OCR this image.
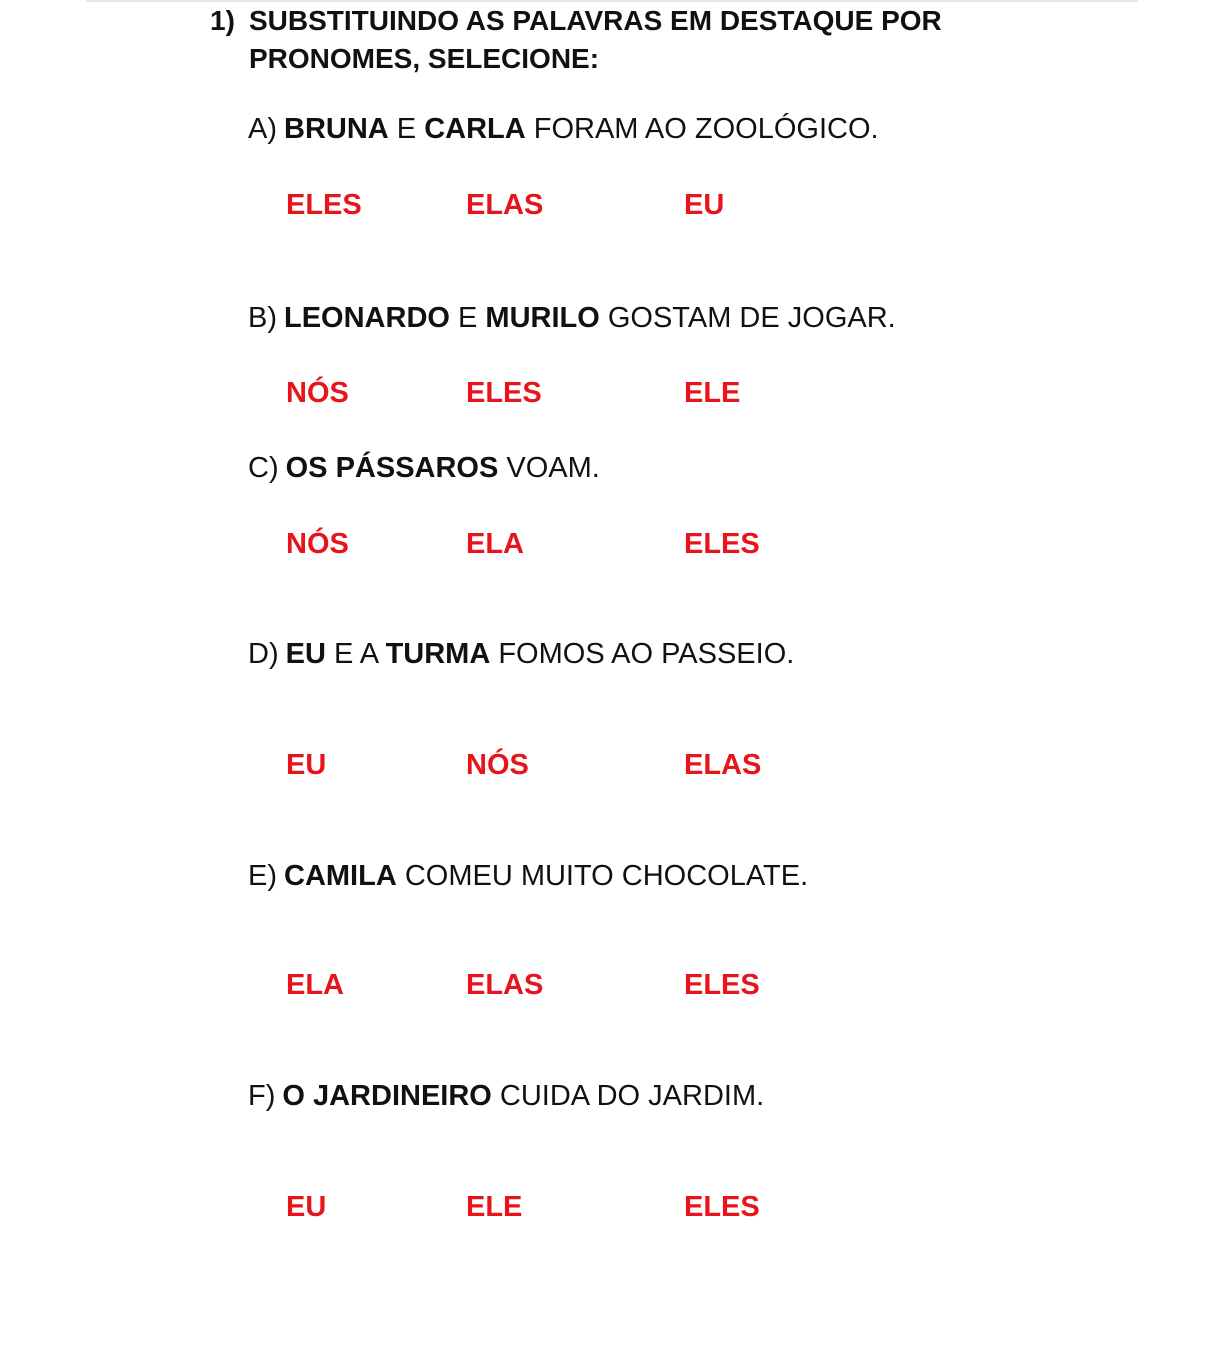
1) SUBSTITUINDO AS PALAVRAS EM DESTAQUE POR
PRONOMES, SELECIONE:
A) BRUNA E CARLA FORAM AO ZOOLÓGICO.
ELES	ELAS	EU
B) LEONARDO E MURILO GOSTAM DE JOGAR.
NÓS	ELES	ELE
C) OS PÁSSAROS VOAM.
NÓS	ELA	ELES
D) EU E A TURMA FOMOS AO PASSEIO.
EU	NÓS	ELAS
E) CAMILA COMEU MUITO CHOCOLATE.
ELA	ELAS	ELES
F) O JARDINEIRO CUIDA DO JARDIM.
EU	ELE	ELES
